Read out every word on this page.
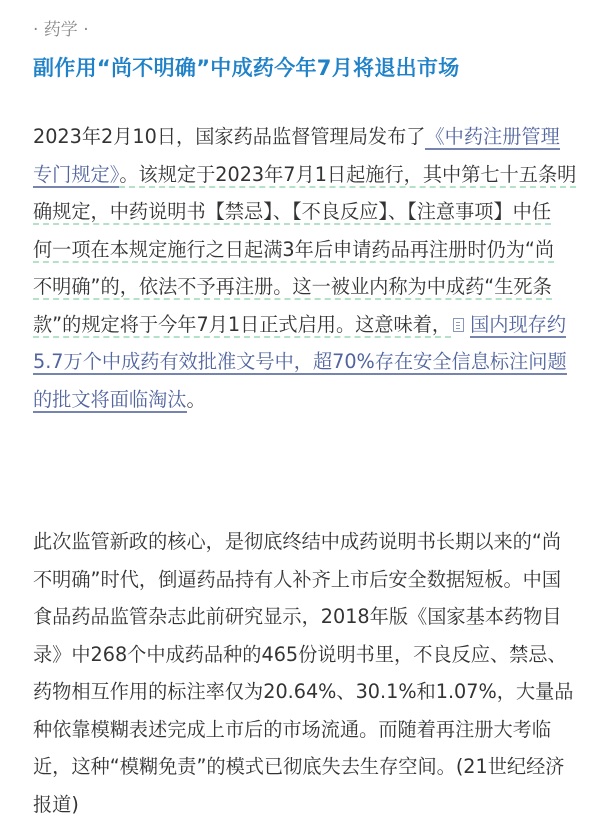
· 药学 ·
副作用“尚不明确”中成药今年7月将退出市场
2023年2月10日，国家药品监督管理局发布了《中药注册管理
专门规定》。该规定于2023年7月1日起施行，其中第七十五条明
确规定，中药说明书【禁忌】、【不良反应】、【注意事项】中任
何一项在本规定施行之日起满3年后申请药品再注册时仍为“尚
不明确”的，依法不予再注册。这一被业内称为中成药“生死条
款”的规定将于今年7月1日正式启用。这意味着， 国内现存约
5.7万个中成药有效批准文号中，超70%存在安全信息标注问题
的批文将面临淘汰。
此次监管新政的核心，是彻底终结中成药说明书长期以来的“尚
不明确”时代，倒逼药品持有人补齐上市后安全数据短板。中国
食品药品监管杂志此前研究显示，2018年版《国家基本药物目
录》中268个中成药品种的465份说明书里，不良反应、禁忌、
药物相互作用的标注率仅为20.64%、30.1%和1.07%，大量品
种依靠模糊表述完成上市后的市场流通。而随着再注册大考临
近，这种“模糊免责”的模式已彻底失去生存空间。(21世纪经济
报道)
